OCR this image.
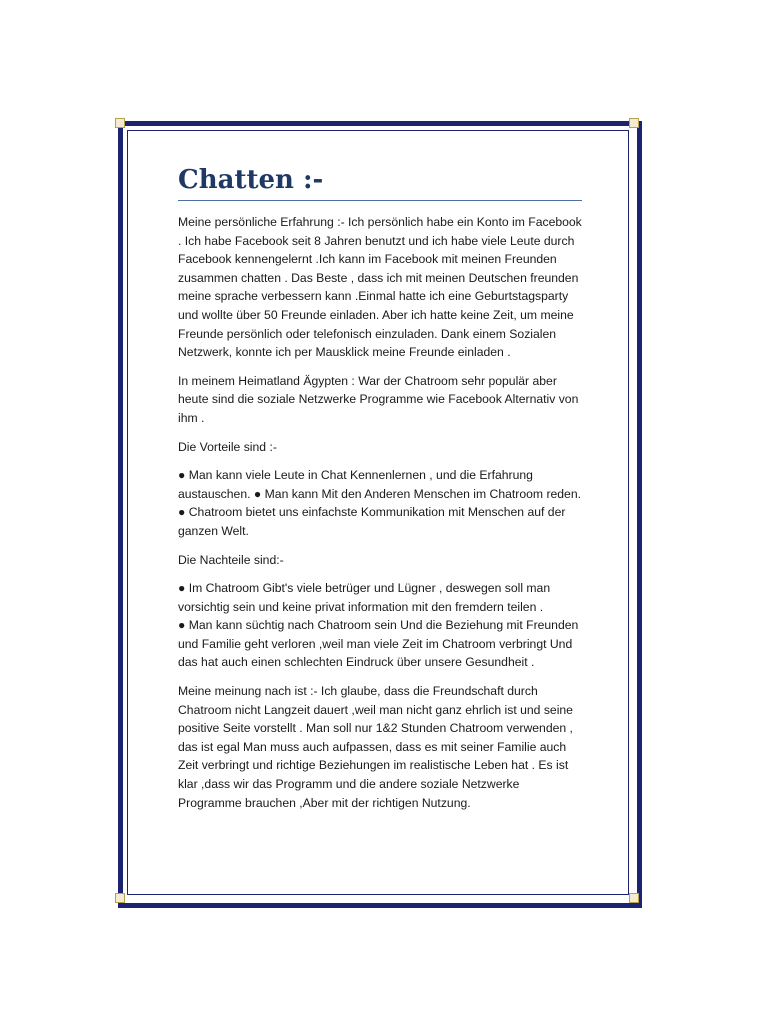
Chatten :-

Meine persönliche Erfahrung :- Ich persönlich habe ein Konto im Facebook . Ich habe Facebook seit 8 Jahren benutzt und ich habe viele Leute durch Facebook kennengelernt .Ich kann im Facebook mit meinen Freunden zusammen chatten . Das Beste , dass ich mit meinen Deutschen freunden meine sprache verbessern kann .Einmal hatte ich eine Geburtstagsparty und wollte über 50 Freunde einladen. Aber ich hatte keine Zeit, um meine Freunde persönlich oder telefonisch einzuladen. Dank einem Sozialen Netzwerk, konnte ich per Mausklick meine Freunde einladen .

In meinem Heimatland Ägypten : War der Chatroom sehr populär aber heute sind die soziale Netzwerke Programme wie Facebook Alternativ von ihm .

Die Vorteile sind :-

● Man kann viele Leute in Chat Kennenlernen , und die Erfahrung austauschen. ● Man kann Mit den Anderen Menschen im Chatroom reden. ● Chatroom bietet uns einfachste Kommunikation mit Menschen auf der ganzen Welt.

Die Nachteile sind:-

● Im Chatroom Gibt's viele betrüger und Lügner , deswegen soll man vorsichtig sein und keine privat information mit den fremdern teilen .

● Man kann süchtig nach Chatroom sein Und die Beziehung mit Freunden und Familie geht verloren ,weil man viele Zeit im Chatroom verbringt Und das hat auch einen schlechten Eindruck über unsere Gesundheit .

Meine meinung nach ist :- Ich glaube, dass die Freundschaft durch Chatroom nicht Langzeit dauert ,weil man nicht ganz ehrlich ist und seine positive Seite vorstellt . Man soll nur 1&2 Stunden Chatroom verwenden , das ist egal Man muss auch aufpassen, dass es mit seiner Familie auch Zeit verbringt und richtige Beziehungen im realistische Leben hat . Es ist klar ,dass wir das Programm und die andere soziale Netzwerke Programme brauchen ,Aber mit der richtigen Nutzung.
